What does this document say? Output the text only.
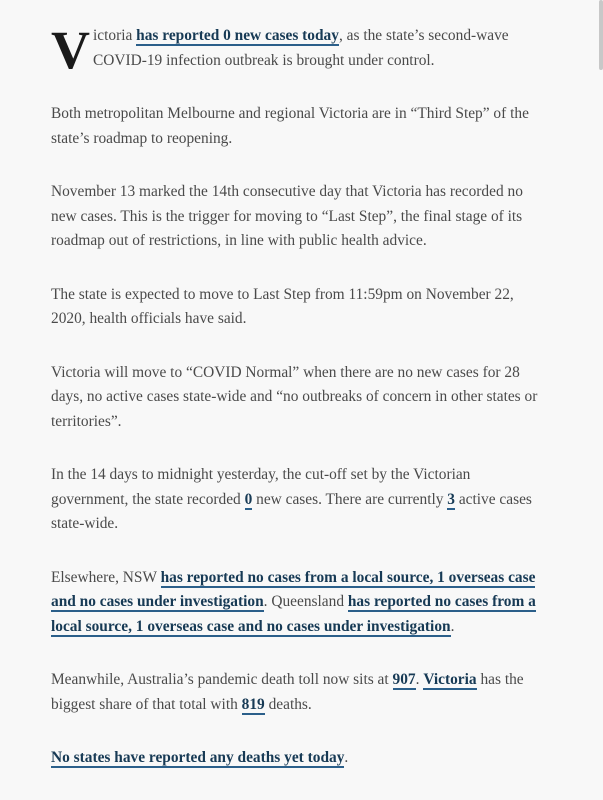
Victoria has reported 0 new cases today, as the state’s second-wave COVID-19 infection outbreak is brought under control.

Both metropolitan Melbourne and regional Victoria are in “Third Step” of the state’s roadmap to reopening.

November 13 marked the 14th consecutive day that Victoria has recorded no new cases. This is the trigger for moving to “Last Step”, the final stage of its roadmap out of restrictions, in line with public health advice.

The state is expected to move to Last Step from 11:59pm on November 22, 2020, health officials have said.

Victoria will move to “COVID Normal” when there are no new cases for 28 days, no active cases state-wide and “no outbreaks of concern in other states or territories”.

In the 14 days to midnight yesterday, the cut-off set by the Victorian government, the state recorded 0 new cases. There are currently 3 active cases state-wide.

Elsewhere, NSW has reported no cases from a local source, 1 overseas case and no cases under investigation. Queensland has reported no cases from a local source, 1 overseas case and no cases under investigation.

Meanwhile, Australia’s pandemic death toll now sits at 907. Victoria has the biggest share of that total with 819 deaths.

No states have reported any deaths yet today.
